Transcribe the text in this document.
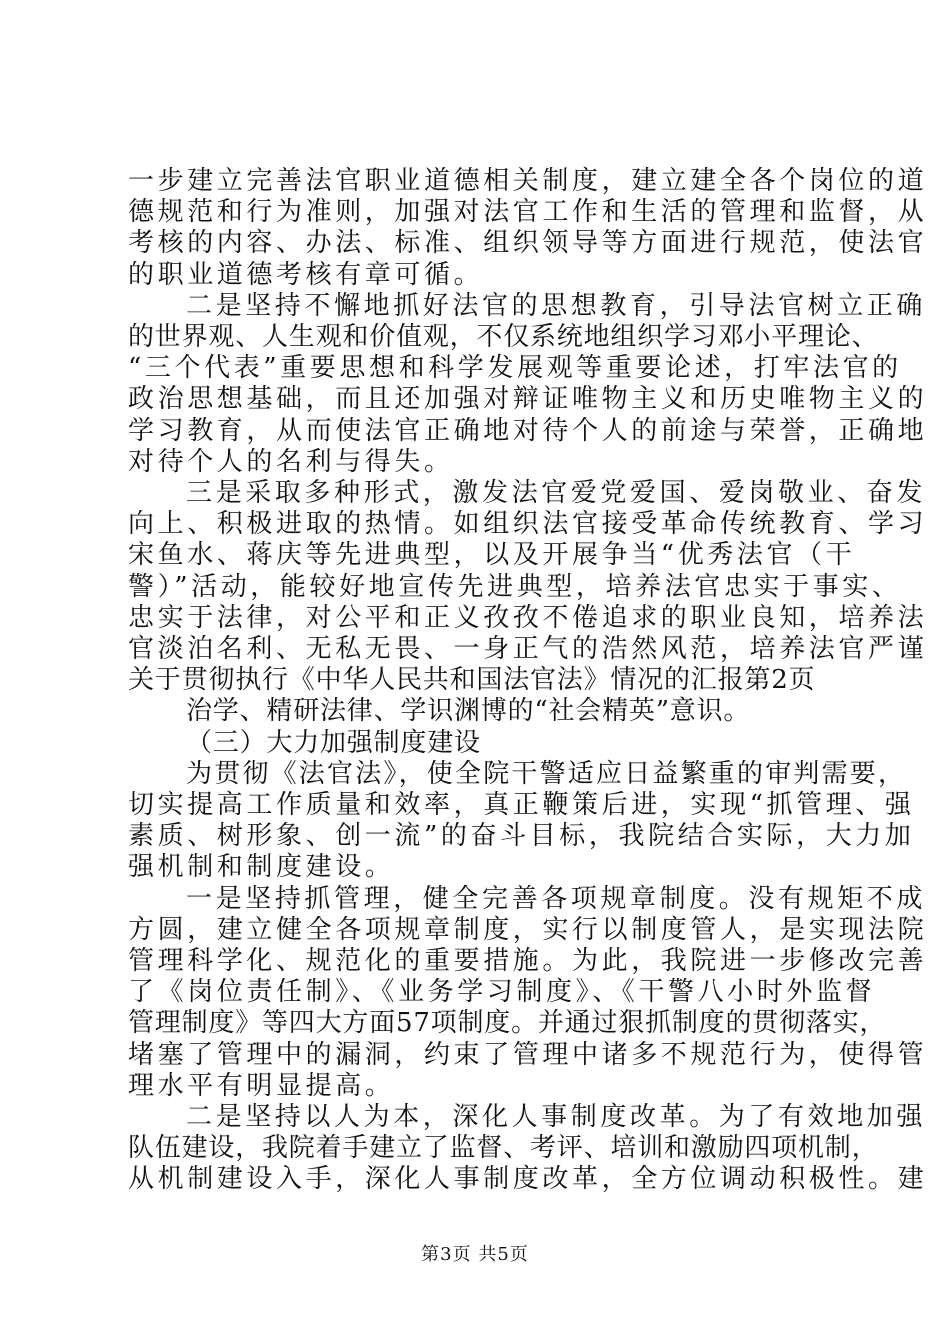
一步建立完善法官职业道德相关制度，建立建全各个岗位的道
德规范和行为准则，加强对法官工作和生活的管理和监督，从
考核的内容、办法、标准、组织领导等方面进行规范，使法官
的职业道德考核有章可循。
二是坚持不懈地抓好法官的思想教育，引导法官树立正确
的世界观、人生观和价值观，不仅系统地组织学习邓小平理论、
“三个代表”重要思想和科学发展观等重要论述，打牢法官的
政治思想基础，而且还加强对辩证唯物主义和历史唯物主义的
学习教育，从而使法官正确地对待个人的前途与荣誉，正确地
对待个人的名利与得失。
三是采取多种形式，激发法官爱党爱国、爱岗敬业、奋发
向上、积极进取的热情。如组织法官接受革命传统教育、学习
宋鱼水、蒋庆等先进典型，以及开展争当“优秀法官（干
警）”活动，能较好地宣传先进典型，培养法官忠实于事实、
忠实于法律，对公平和正义孜孜不倦追求的职业良知，培养法
官淡泊名利、无私无畏、一身正气的浩然风范，培养法官严谨
关于贯彻执行《中华人民共和国法官法》情况的汇报第2页
治学、精研法律、学识渊博的“社会精英”意识。
（三）大力加强制度建设
为贯彻《法官法》，使全院干警适应日益繁重的审判需要，
切实提高工作质量和效率，真正鞭策后进，实现“抓管理、强
素质、树形象、创一流”的奋斗目标，我院结合实际，大力加
强机制和制度建设。
一是坚持抓管理，健全完善各项规章制度。没有规矩不成
方圆，建立健全各项规章制度，实行以制度管人，是实现法院
管理科学化、规范化的重要措施。为此，我院进一步修改完善
了《岗位责任制》、《业务学习制度》、《干警八小时外监督
管理制度》等四大方面57项制度。并通过狠抓制度的贯彻落实，
堵塞了管理中的漏洞，约束了管理中诸多不规范行为，使得管
理水平有明显提高。
二是坚持以人为本，深化人事制度改革。为了有效地加强
队伍建设，我院着手建立了监督、考评、培训和激励四项机制，
从机制建设入手，深化人事制度改革，全方位调动积极性。建
第3页 共5页
